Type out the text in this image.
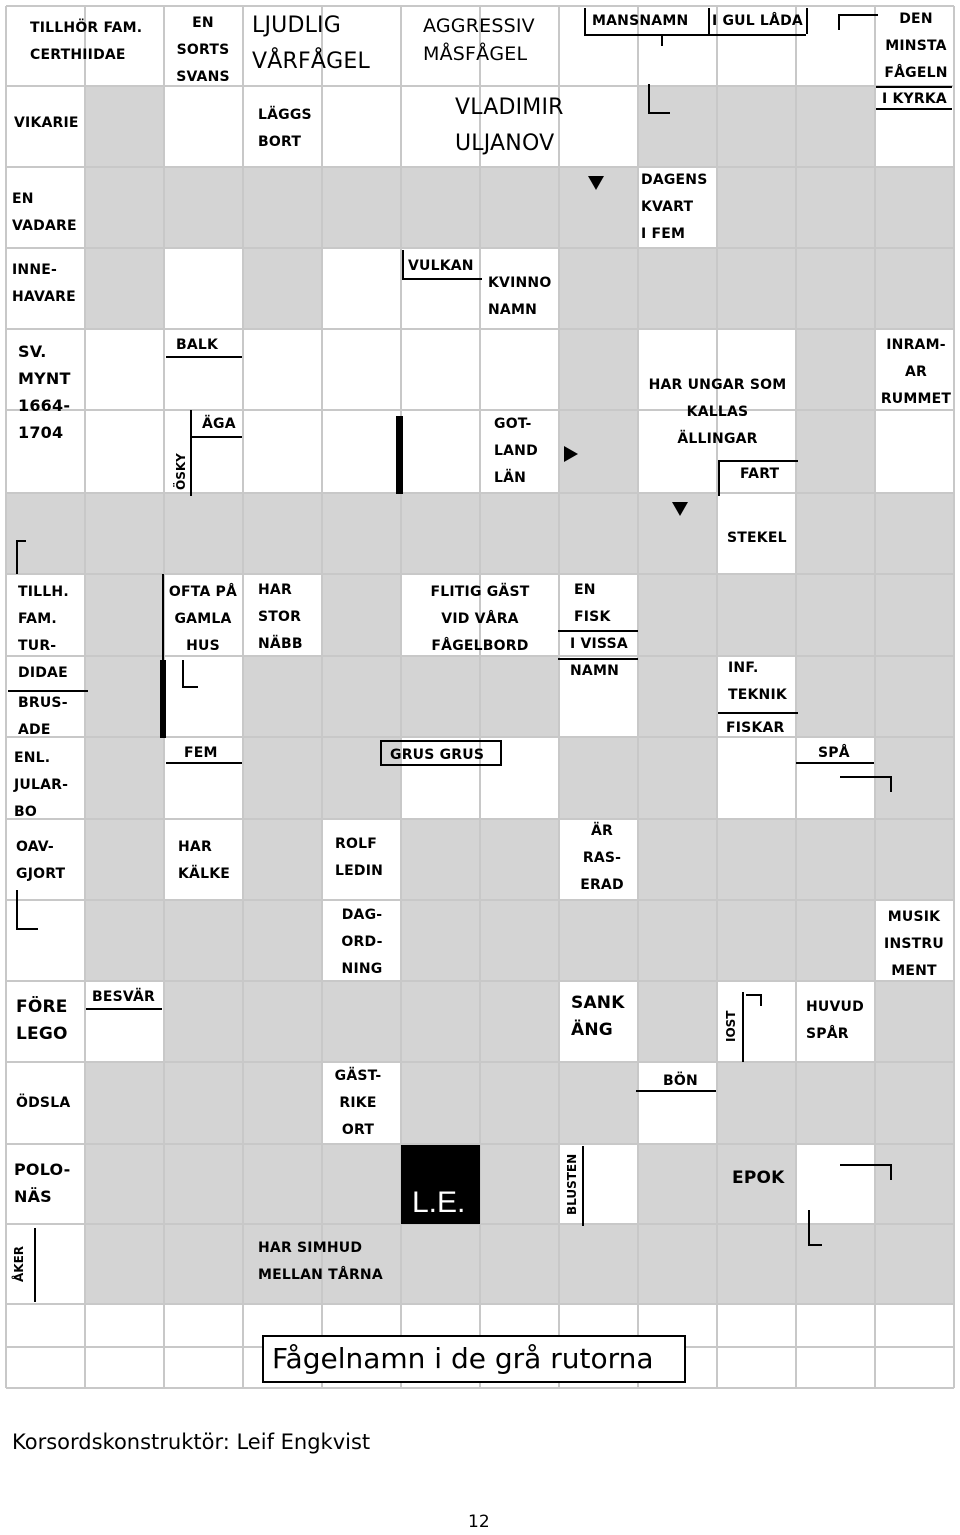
TILLHÖR FAM.
CERTHIIDAE
EN
SORTS
SVANS
LJUDLIG
VÅRFÅGEL
AGGRESSIV
MÅSFÅGEL
MANSNAMN I GUL LÅDA	DEN
MINSTA
FÅGELN
I KYRKA
VIKARIE	LÄGGS
BORT
VLADIMIR
ULJANOV
EN
VADARE
DAGENS
KVART
I FEM
INNE-
HAVARE
VULKAN
KVINNO
NAMN
SV.
MYNT
1664-
1704
BALK
HAR UNGAR SOM
KALLAS
ÄLLINGAR
INRAM-
AR
RUMMET
ÄGA	GOT-
LAND
LÄN	FART
STEKEL
TILLH.
FAM.
TUR-
DIDAE
OFTA PÅ
GAMLA
HUS
HAR
STOR
NÄBB
FLITIG GÄST
VID VÅRA
FÅGELBORD
EN
FISK
I VISSA
NAMN	INF.
TEKNIK
BRUS-
ADE	FISKAR
ENL.
JULAR-
BO
FEM	GRUS GRUS	SPÅ
OAV-
GJORT
HAR
KÄLKE
ROLF
LEDIN
ÄR
RAS-
ERAD
DAG-
ORD-
NING
MUSIK
INSTRU
MENT
FÖRE
LEGO
BESVÄR	SANK
ÄNG
HUVUD
SPÅR
ÖDSLA
GÄST-
RIKE
ORT
BÖN
POLO-
NÄS
EPOK
HAR SIMHUD
MELLAN TÅRNA
ÖSKY
IOST
BLUSTEN
ÅKER
L.E.
Fågelnamn i de grå rutorna
Korsordskonstruktör: Leif Engkvist
12
